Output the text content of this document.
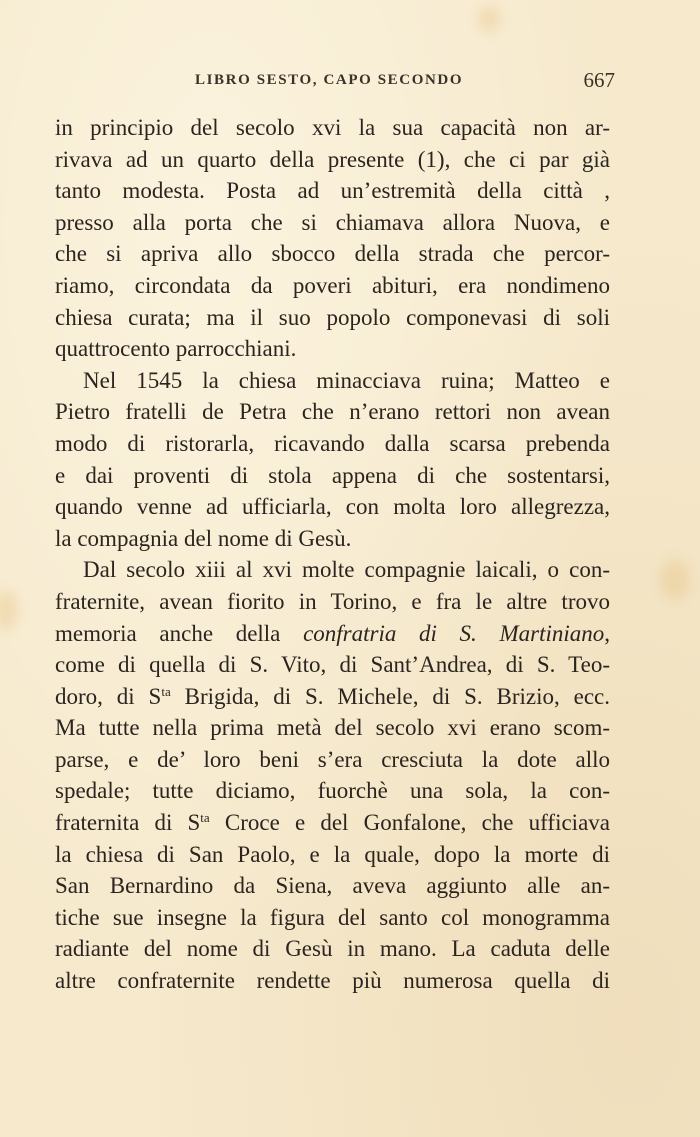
LIBRO SESTO, CAPO SECONDO	667
in principio del secolo xvi la sua capacità non ar-
rivava ad un quarto della presente (1), che ci par già
tanto modesta. Posta ad un’estremità della città ,
presso alla porta che si chiamava allora Nuova, e
che si apriva allo sbocco della strada che percor-
riamo, circondata da poveri abituri, era nondimeno
chiesa curata; ma il suo popolo componevasi di soli
quattrocento parrocchiani.
Nel 1545 la chiesa minacciava ruina; Matteo e
Pietro fratelli de Petra che n’erano rettori non avean
modo di ristorarla, ricavando dalla scarsa prebenda
e dai proventi di stola appena di che sostentarsi,
quando venne ad ufficiarla, con molta loro allegrezza,
la compagnia del nome di Gesù.
Dal secolo xiii al xvi molte compagnie laicali, o con-
fraternite, avean fiorito in Torino, e fra le altre trovo
memoria anche della confratria di S. Martiniano,
come di quella di S. Vito, di Sant’Andrea, di S. Teo-
doro, di $S^{ta}$ Brigida, di S. Michele, di S. Brizio, ecc.
Ma tutte nella prima metà del secolo xvi erano scom-
parse, e de’ loro beni s’era cresciuta la dote allo
spedale; tutte diciamo, fuorchè una sola, la con-
fraternita di $S^{ta}$ Croce e del Gonfalone, che ufficiava
la chiesa di San Paolo, e la quale, dopo la morte di
San Bernardino da Siena, aveva aggiunto alle an-
tiche sue insegne la figura del santo col monogramma
radiante del nome di Gesù in mano. La caduta delle
altre confraternite rendette più numerosa quella di
